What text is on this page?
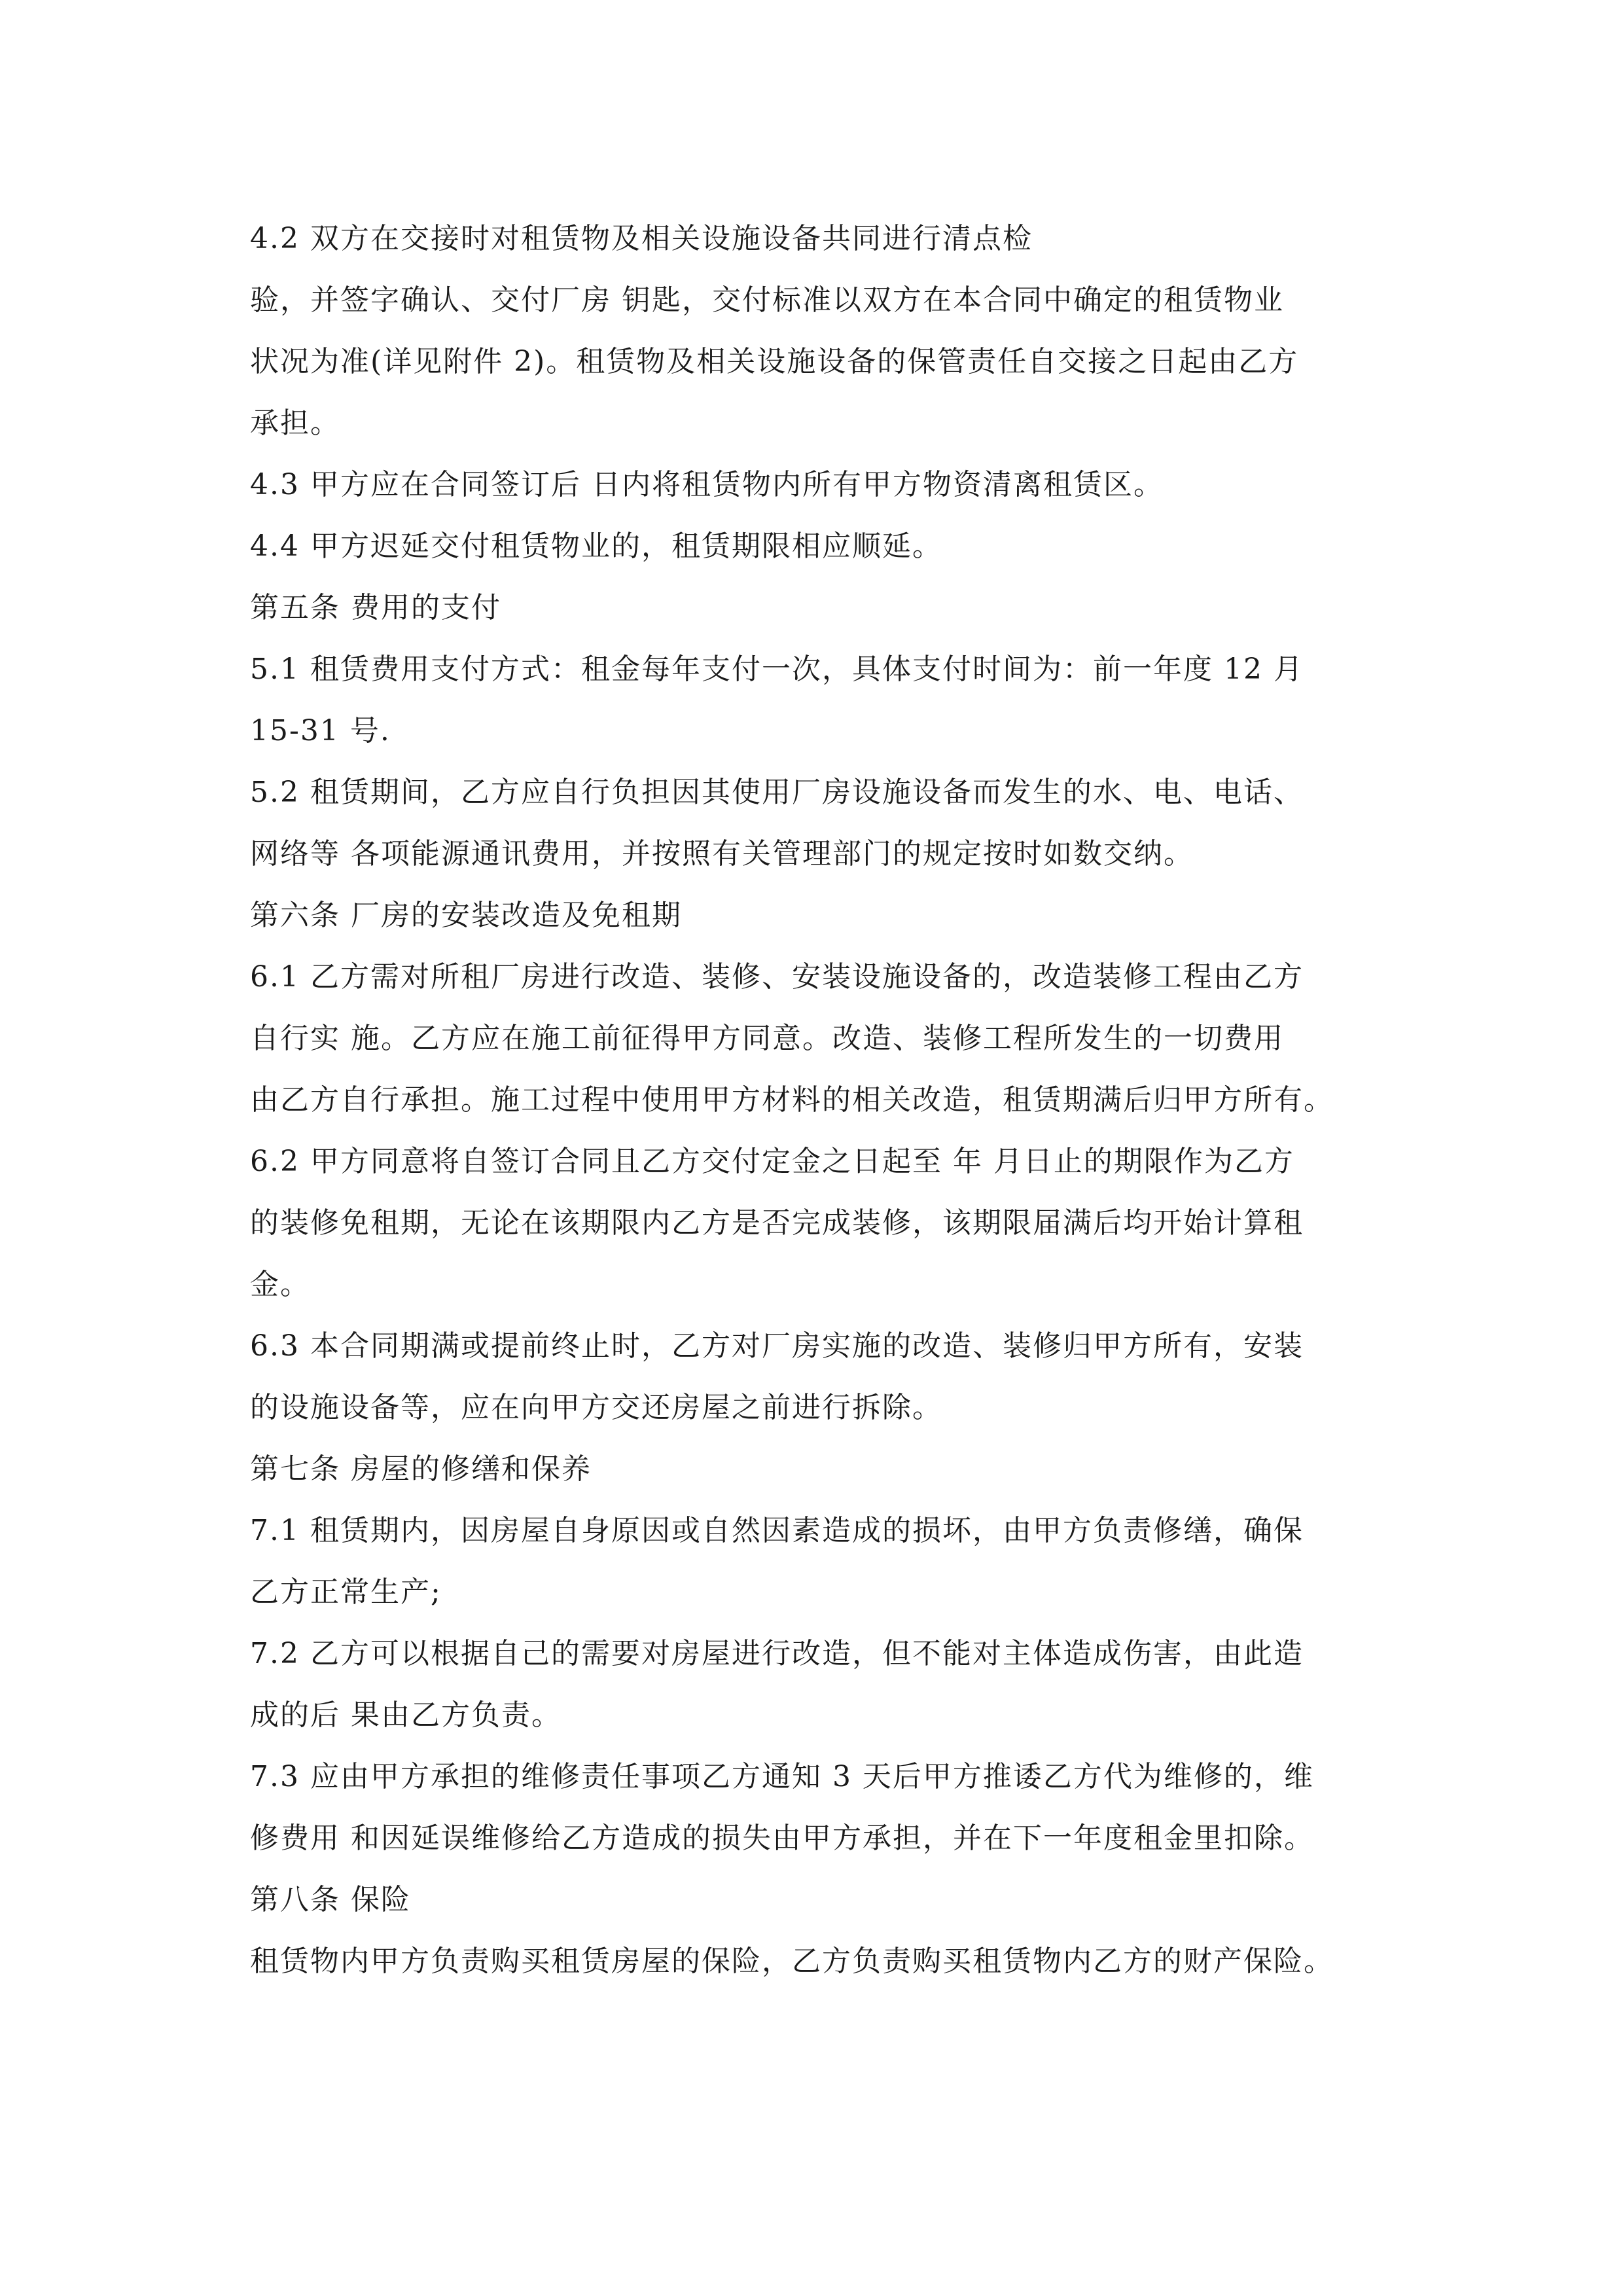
4.2 双方在交接时对租赁物及相关设施设备共同进行清点检
验，并签字确认、交付厂房 钥匙，交付标准以双方在本合同中确定的租赁物业
状况为准(详见附件 2)。租赁物及相关设施设备的保管责任自交接之日起由乙方
承担。
4.3 甲方应在合同签订后 日内将租赁物内所有甲方物资清离租赁区。
4.4 甲方迟延交付租赁物业的，租赁期限相应顺延。
第五条 费用的支付
5.1 租赁费用支付方式：租金每年支付一次，具体支付时间为：前一年度 12 月
15-31 号.
5.2 租赁期间，乙方应自行负担因其使用厂房设施设备而发生的水、电、电话、
网络等 各项能源通讯费用，并按照有关管理部门的规定按时如数交纳。
第六条 厂房的安装改造及免租期
6.1 乙方需对所租厂房进行改造、装修、安装设施设备的，改造装修工程由乙方
自行实 施。乙方应在施工前征得甲方同意。改造、装修工程所发生的一切费用
由乙方自行承担。施工过程中使用甲方材料的相关改造，租赁期满后归甲方所有。
6.2 甲方同意将自签订合同且乙方交付定金之日起至 年 月日止的期限作为乙方
的装修免租期，无论在该期限内乙方是否完成装修，该期限届满后均开始计算租
金。
6.3 本合同期满或提前终止时，乙方对厂房实施的改造、装修归甲方所有，安装
的设施设备等，应在向甲方交还房屋之前进行拆除。
第七条 房屋的修缮和保养
7.1 租赁期内，因房屋自身原因或自然因素造成的损坏，由甲方负责修缮，确保
乙方正常生产;
7.2 乙方可以根据自己的需要对房屋进行改造，但不能对主体造成伤害，由此造
成的后 果由乙方负责。
7.3 应由甲方承担的维修责任事项乙方通知 3 天后甲方推诿乙方代为维修的，维
修费用 和因延误维修给乙方造成的损失由甲方承担，并在下一年度租金里扣除。
第八条 保险
租赁物内甲方负责购买租赁房屋的保险，乙方负责购买租赁物内乙方的财产保险。
